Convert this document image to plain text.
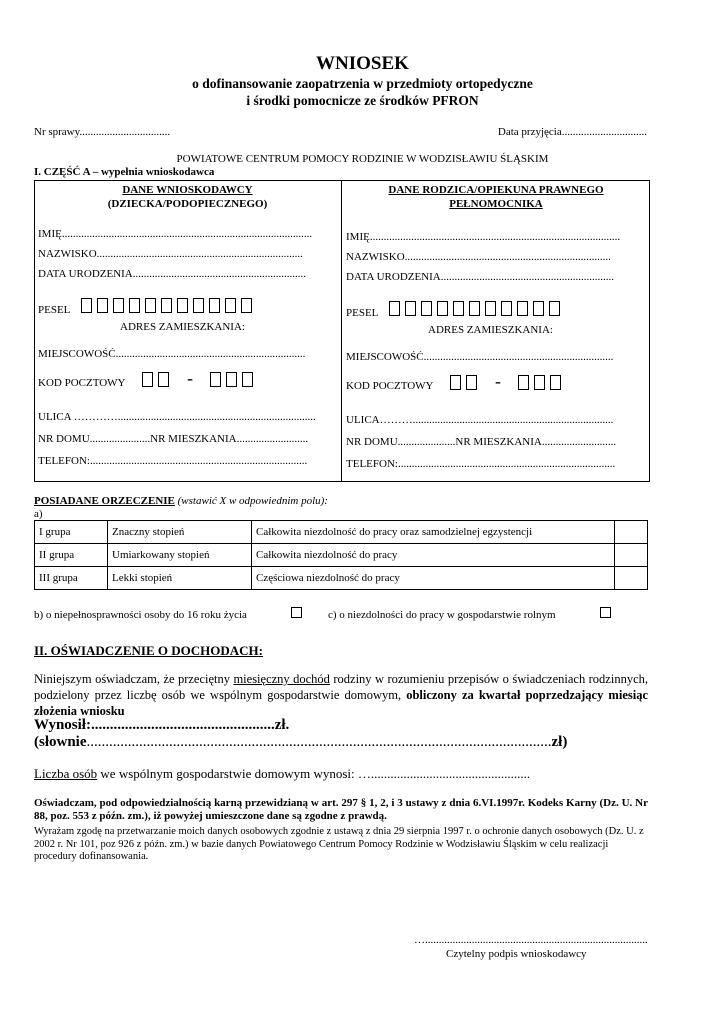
WNIOSEK
o dofinansowanie zaopatrzenia w przedmioty ortopedyczne
i środki pomocnicze ze środków PFRON
Nr sprawy.................................	Data przyjęcia...............................
POWIATOWE CENTRUM POMOCY RODZINIE W WODZISŁAWIU ŚLĄSKIM
I. CZĘŚĆ A – wypełnia wnioskodawca
DANE WNIOSKODAWCY
(DZIECKA/PODOPIECZNEGO)
IMIĘ...........................................................................................
NAZWISKO...........................................................................
DATA URODZENIA...............................................................
PESEL
ADRES ZAMIESZKANIA:
MIEJSCOWOŚĆ.....................................................................
KOD POCZTOWY	-
ULICA …………........................................................................
NR DOMU......................NR MIESZKANIA..........................
TELEFON:...............................................................................
DANE RODZICA/OPIEKUNA PRAWNEGO
PEŁNOMOCNIKA
IMIĘ...........................................................................................
NAZWISKO...........................................................................
DATA URODZENIA...............................................................
PESEL
ADRES ZAMIESZKANIA:
MIEJSCOWOŚĆ.....................................................................
KOD POCZTOWY	-
ULICA……….........................................................................
NR DOMU.....................NR MIESZKANIA...........................
TELEFON:...............................................................................
POSIADANE ORZECZENIE (wstawić X w odpowiednim polu):
a)
I grupa	Znaczny stopień	Całkowita niezdolność do pracy oraz samodzielnej egzystencji	
II grupa	Umiarkowany stopień	Całkowita niezdolność do pracy	
III grupa	Lekki stopień	Częściowa niezdolność do pracy	
b) o niepełnosprawności osoby do 16 roku życia	c) o niezdolności do pracy w gospodarstwie rolnym
II. OŚWIADCZENIE O DOCHODACH:
Niniejszym oświadczam, że przeciętny miesięczny dochód rodziny w rozumieniu przepisów o świadczeniach rodzinnych, podzielony przez liczbę osób we wspólnym gospodarstwie domowym, obliczony za kwartał poprzedzający miesiąc złożenia wniosku
Wynosił:.................................................zł.
(słownie............................................................................................................................zł)
Liczba osób we wspólnym gospodarstwie domowym wynosi: ….................................................
Oświadczam, pod odpowiedzialnością karną przewidzianą w art. 297 § 1, 2, i 3 ustawy z dnia 6.VI.1997r. Kodeks Karny (Dz. U. Nr 88, poz. 553 z późn. zm.), iż powyżej umieszczone dane są zgodne z prawdą.
Wyrażam zgodę na przetwarzanie moich danych osobowych zgodnie z ustawą z dnia 29 sierpnia 1997 r. o ochronie danych osobowych (Dz. U. z 2002 r. Nr 101, poz 926 z późn. zm.) w bazie danych Powiatowego Centrum Pomocy Rodzinie w Wodzisławiu Śląskim w celu realizacji procedury dofinansowania.
….................................................................................
Czytelny podpis wnioskodawcy
